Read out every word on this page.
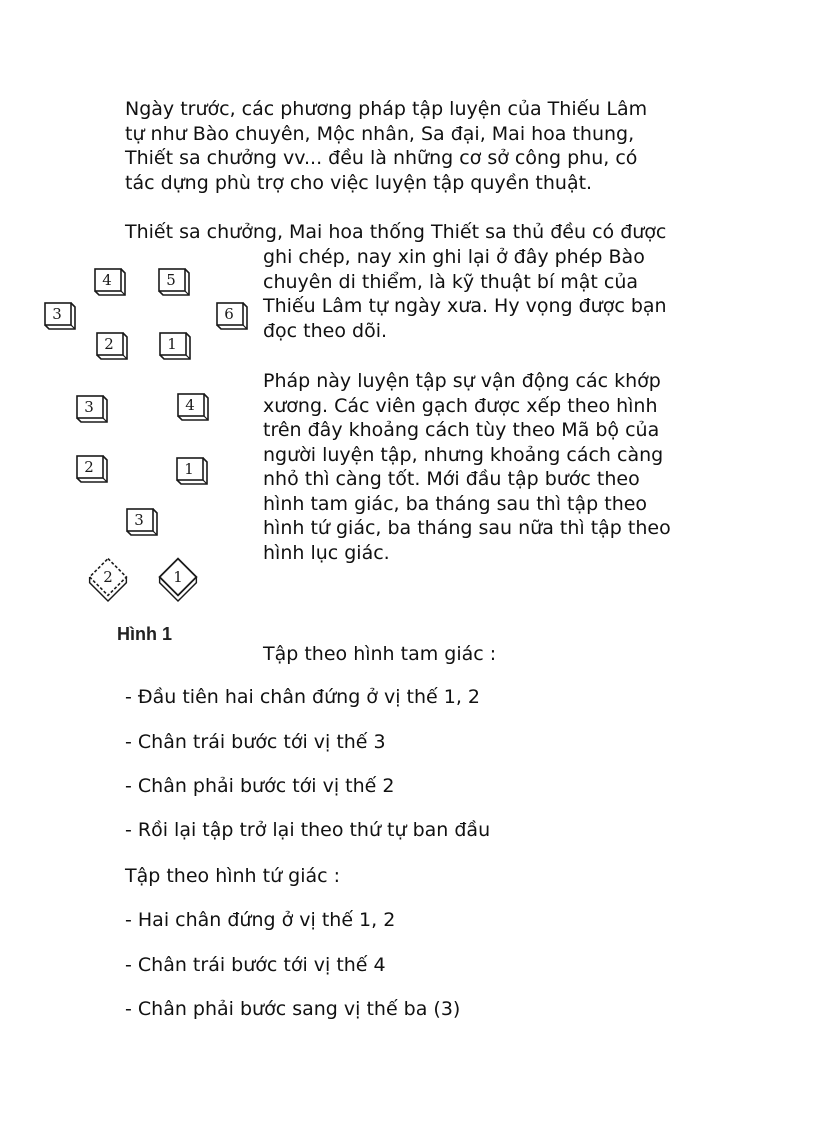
Ngày trước, các phương pháp tập luyện của Thiếu Lâm
tự như Bào chuyên, Mộc nhân, Sa đại, Mai hoa thung,
Thiết sa chưởng vv... đều là những cơ sở công phu, có
tác dựng phù trợ cho việc luyện tập quyền thuật.

Thiết sa chưởng, Mai hoa thống Thiết sa thủ đều có được

ghi chép, nay xin ghi lại ở đây phép Bào
chuyên di thiểm, là kỹ thuật bí mật của
Thiếu Lâm tự ngày xưa. Hy vọng được bạn
đọc theo dõi.

Pháp này luyện tập sự vận động các khớp
xương. Các viên gạch được xếp theo hình
trên đây khoảng cách tùy theo Mã bộ của
người luyện tập, nhưng khoảng cách càng
nhỏ thì càng tốt. Mới đầu tập bước theo
hình tam giác, ba tháng sau thì tập theo
hình tứ giác, ba tháng sau nữa thì tập theo
hình lục giác.

4	5
3	6
2	1
3	4
2	1
3
2	1

Hình 1

Tập theo hình tam giác :

- Đầu tiên hai chân đứng ở vị thế 1, 2

- Chân trái bước tới vị thế 3

- Chân phải bước tới vị thế 2

- Rồi lại tập trở lại theo thứ tự ban đầu

Tập theo hình tứ giác :

- Hai chân đứng ở vị thế 1, 2

- Chân trái bước tới vị thế 4

- Chân phải bước sang vị thế ba (3)
